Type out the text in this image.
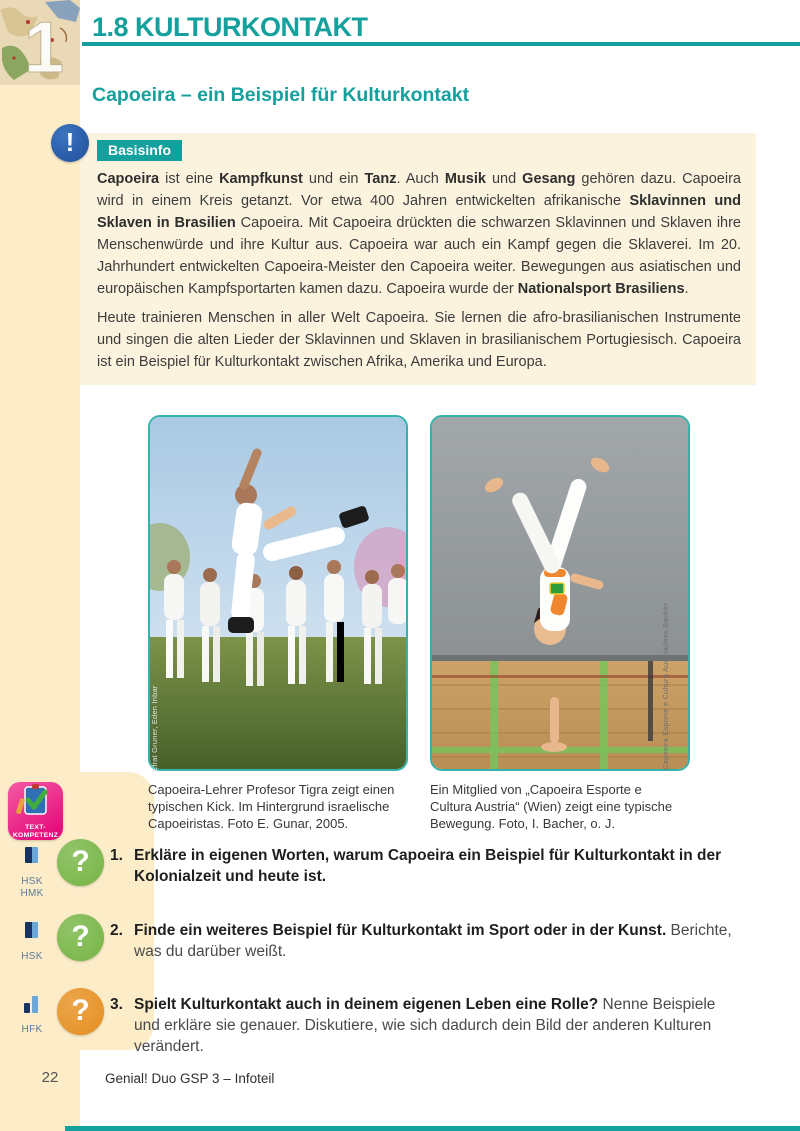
1 1.8 KULTURKONTAKT
Capoeira – ein Beispiel für Kulturkontakt
!	Basisinfo

Capoeira ist eine Kampfkunst und ein Tanz. Auch Musik und Gesang gehören dazu. Capoeira wird in einem Kreis getanzt. Vor etwa 400 Jahren entwickelten afrikanische Sklavinnen und Sklaven in Brasilien Capoeira. Mit Capoeira drückten die schwarzen Sklavinnen und Sklaven ihre Menschenwürde und ihre Kultur aus. Capoeira war auch ein Kampf gegen die Sklaverei. Im 20. Jahrhundert entwickelten Capoeira-Meister den Capoeira weiter. Bewegungen aus asiatischen und europäischen Kampfsportarten kamen dazu. Capoeira wurde der Nationalsport Brasiliens.

Heute trainieren Menschen in aller Welt Capoeira. Sie lernen die afro-brasilianischen Instrumente und singen die alten Lieder der Sklavinnen und Sklaven in brasilianischem Portugiesisch. Capoeira ist ein Beispiel für Kulturkontakt zwischen Afrika, Amerika und Europa.

Efrat Gruner, Eden Inbar	Capoeira Esporte e Cultura Austria/Ines Bacher
Capoeira-Lehrer Profesor Tigra zeigt einen typischen Kick. Im Hintergrund israelische Capoeiristas. Foto E. Gunar, 2005.
Ein Mitglied von „Capoeira Esporte e Cultura Austria“ (Wien) zeigt eine typische Bewegung. Foto, I. Bacher, o. J.
TEXT-
KOMPETENZ
HSK
HMK
?	1. Erkläre in eigenen Worten, warum Capoeira ein Beispiel für Kulturkontakt in der Kolonialzeit und heute ist.
HSK
?	2. Finde ein weiteres Beispiel für Kulturkontakt im Sport oder in der Kunst. Berichte, was du darüber weißt.
HFK
?	3. Spielt Kulturkontakt auch in deinem eigenen Leben eine Rolle? Nenne Beispiele und erkläre sie genauer. Diskutiere, wie sich dadurch dein Bild der anderen Kulturen verändert.
22	Genial! Duo GSP 3 – Infoteil
